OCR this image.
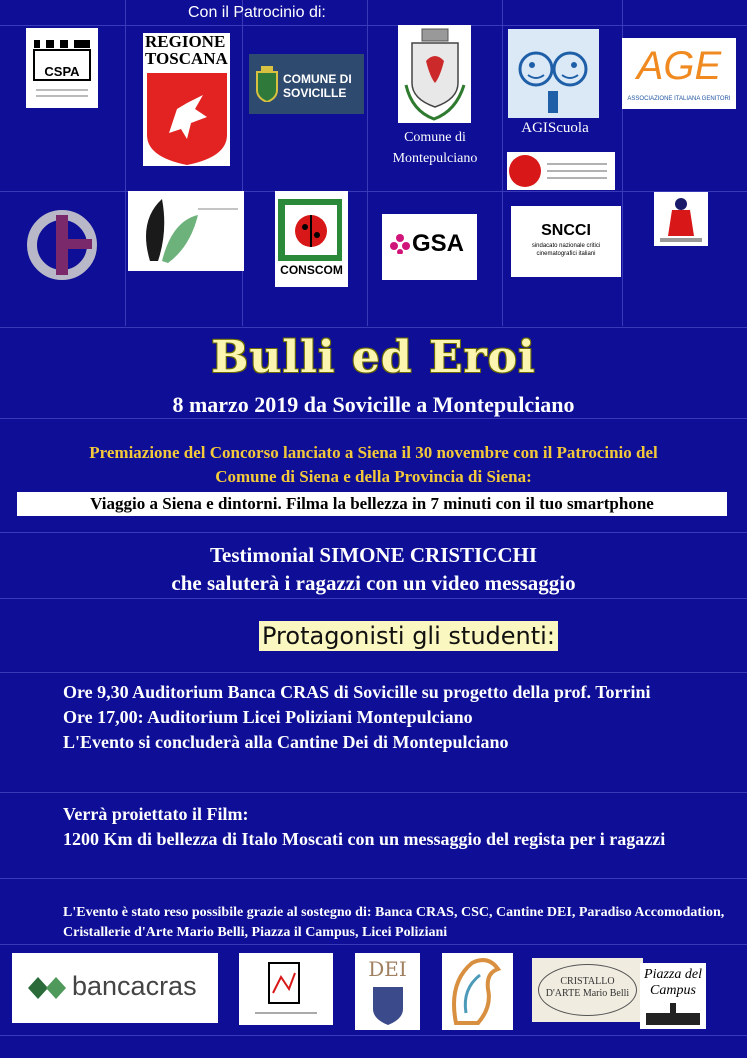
Con il Patrocinio di:
CSPA
REGIONE TOSCANA
COMUNE DI SOVICILLE
Comune di Montepulciano
AGIScuola
AGE
ASSOCIAZIONE ITALIANA GENITORI
CONSCOM
GSA	SNCCI
sindacato nazionale critici cinematografici italiani
Bulli ed Eroi
8 marzo 2019 da Sovicille a Montepulciano
Premiazione del Concorso lanciato a Siena il 30 novembre con il Patrocinio del
Comune di Siena e della Provincia di Siena:
Viaggio a Siena e dintorni. Filma la bellezza in 7 minuti con il tuo smartphone
Testimonial SIMONE CRISTICCHI
che saluterà i ragazzi con un video messaggio
Protagonisti gli studenti:
Ore 9,30 Auditorium Banca CRAS di Sovicille su progetto della prof. Torrini
Ore 17,00: Auditorium Licei Poliziani Montepulciano
L'Evento si concluderà alla Cantine Dei di Montepulciano
Verrà proiettato il Film:
1200 Km di bellezza di Italo Moscati con un messaggio del regista per i ragazzi
L'Evento è stato reso possibile grazie al sostegno di: Banca CRAS, CSC, Cantine DEI, Paradiso Accomodation, Cristallerie d'Arte Mario Belli, Piazza il Campus, Licei Poliziani
bancacras
DEI
CRISTALLO D'ARTE Mario Belli
Piazza del Campus
